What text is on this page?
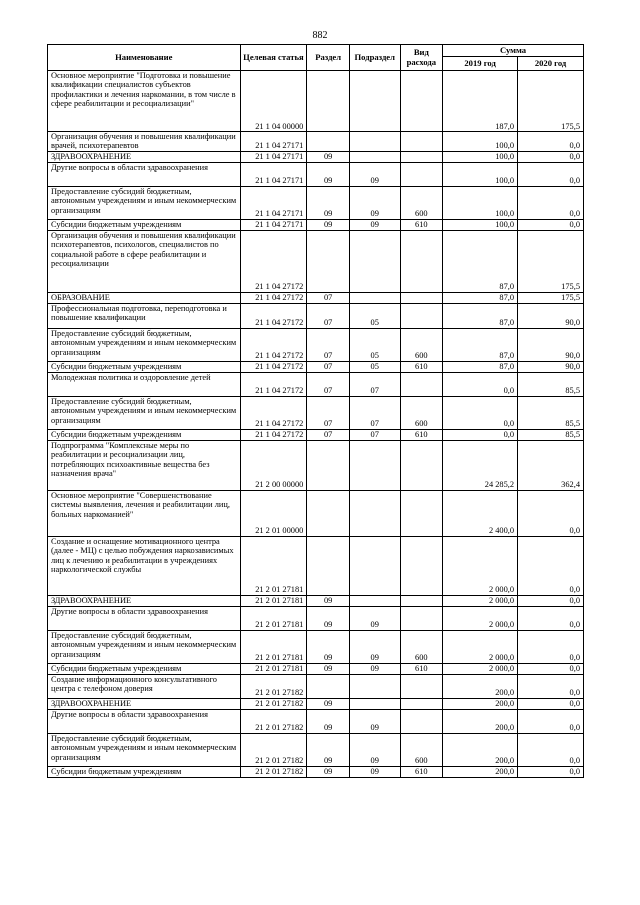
882
Наименование	Целевая статья	Раздел	Подраздел	Вид расхода	Сумма	
					2019 год	2020 год
Основное мероприятие "Подготовка и повышение квалификации специалистов субъектов профилактики и лечения наркомании, в том числе в сфере реабилитации и ресоциализации"	21 1 04 00000				187,0	175,5
Организация обучения и повышения квалификации врачей, психотерапевтов	21 1 04 27171				100,0	0,0
ЗДРАВООХРАНЕНИЕ	21 1 04 27171	09			100,0	0,0
Другие вопросы в области здравоохранения	21 1 04 27171	09	09		100,0	0,0
Предоставление субсидий бюджетным, автономным учреждениям и иным некоммерческим организациям	21 1 04 27171	09	09	600	100,0	0,0
Субсидии бюджетным учреждениям	21 1 04 27171	09	09	610	100,0	0,0
Организация обучения и повышения квалификации психотерапевтов, психологов, специалистов по социальной работе в сфере реабилитации и ресоциализации	21 1 04 27172				87,0	175,5
ОБРАЗОВАНИЕ	21 1 04 27172	07			87,0	175,5
Профессиональная подготовка, переподготовка и повышение квалификации	21 1 04 27172	07	05		87,0	90,0
Предоставление субсидий бюджетным, автономным учреждениям и иным некоммерческим организациям	21 1 04 27172	07	05	600	87,0	90,0
Субсидии бюджетным учреждениям	21 1 04 27172	07	05	610	87,0	90,0
Молодежная политика и оздоровление детей	21 1 04 27172	07	07		0,0	85,5
Предоставление субсидий бюджетным, автономным учреждениям и иным некоммерческим организациям	21 1 04 27172	07	07	600	0,0	85,5
Субсидии бюджетным учреждениям	21 1 04 27172	07	07	610	0,0	85,5
Подпрограмма "Комплексные меры по реабилитации и ресоциализации лиц, потребляющих психоактивные вещества без назначения врача"	21 2 00 00000				24 285,2	362,4
Основное мероприятие "Совершенствование системы выявления, лечения и реабилитации лиц, больных наркоманией"	21 2 01 00000				2 400,0	0,0
Создание и оснащение мотивационного центра (далее - МЦ) с целью побуждения наркозависимых лиц к лечению и реабилитации в учреждениях наркологической службы	21 2 01 27181				2 000,0	0,0
ЗДРАВООХРАНЕНИЕ	21 2 01 27181	09			2 000,0	0,0
Другие вопросы в области здравоохранения	21 2 01 27181	09	09		2 000,0	0,0
Предоставление субсидий бюджетным, автономным учреждениям и иным некоммерческим организациям	21 2 01 27181	09	09	600	2 000,0	0,0
Субсидии бюджетным учреждениям	21 2 01 27181	09	09	610	2 000,0	0,0
Создание информационного консультативного центра с телефоном доверия	21 2 01 27182				200,0	0,0
ЗДРАВООХРАНЕНИЕ	21 2 01 27182	09			200,0	0,0
Другие вопросы в области здравоохранения	21 2 01 27182	09	09		200,0	0,0
Предоставление субсидий бюджетным, автономным учреждениям и иным некоммерческим организациям	21 2 01 27182	09	09	600	200,0	0,0
Субсидии бюджетным учреждениям	21 2 01 27182	09	09	610	200,0	0,0
